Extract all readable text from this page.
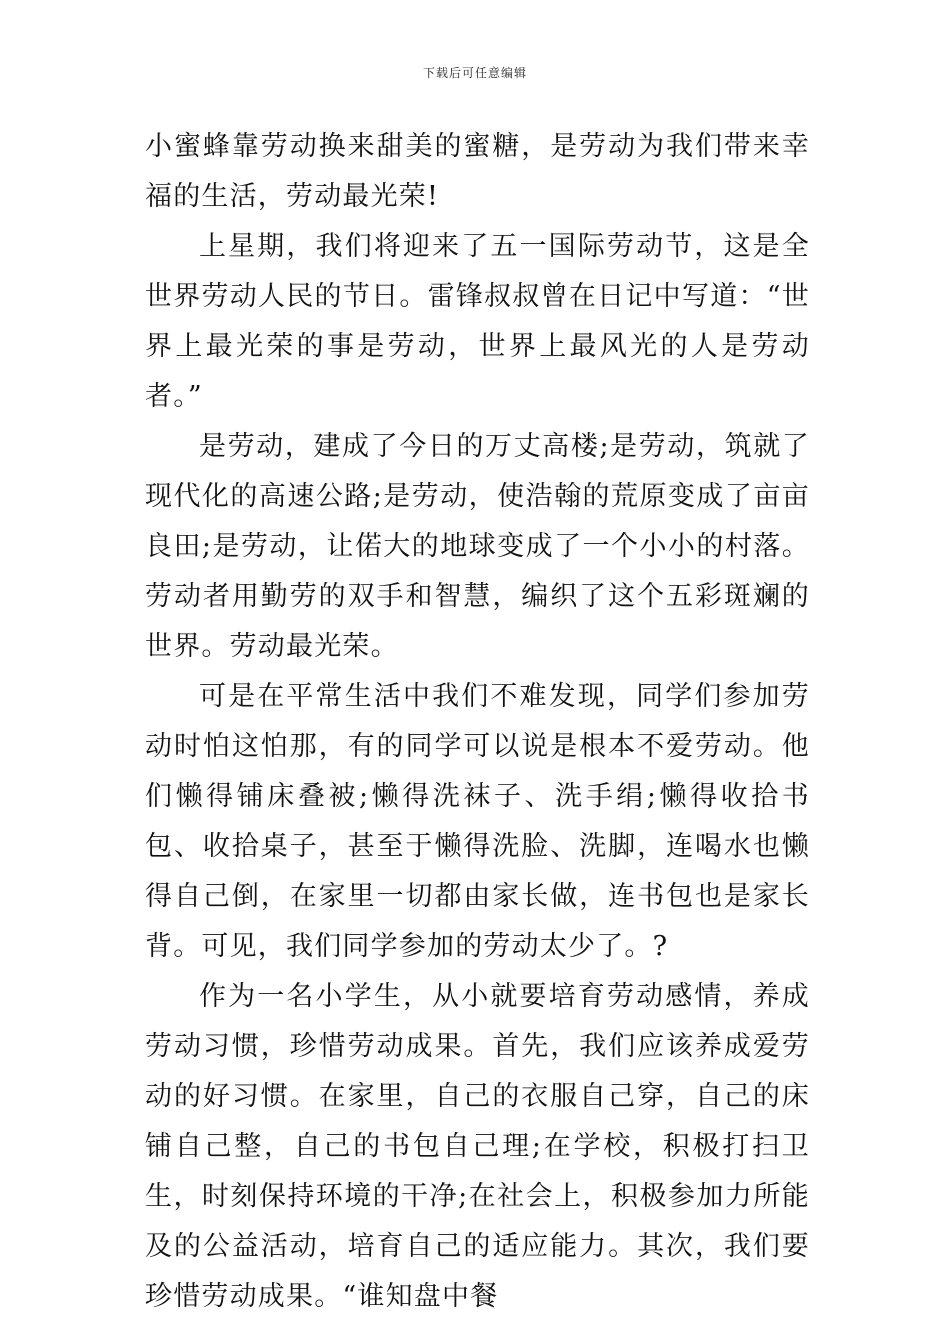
下载后可任意编辑

小蜜蜂靠劳动换来甜美的蜜糖，是劳动为我们带来幸福的生活，劳动最光荣!

上星期，我们将迎来了五一国际劳动节，这是全世界劳动人民的节日。雷锋叔叔曾在日记中写道：“世界上最光荣的事是劳动，世界上最风光的人是劳动者。”

是劳动，建成了今日的万丈高楼;是劳动，筑就了现代化的高速公路;是劳动，使浩翰的荒原变成了亩亩良田;是劳动，让偌大的地球变成了一个小小的村落。劳动者用勤劳的双手和智慧，编织了这个五彩斑斓的世界。劳动最光荣。

可是在平常生活中我们不难发现，同学们参加劳动时怕这怕那，有的同学可以说是根本不爱劳动。他们懒得铺床叠被;懒得洗袜子、洗手绢;懒得收拾书包、收拾桌子，甚至于懒得洗脸、洗脚，连喝水也懒得自己倒，在家里一切都由家长做，连书包也是家长背。可见，我们同学参加的劳动太少了。?

作为一名小学生，从小就要培育劳动感情，养成劳动习惯，珍惜劳动成果。首先，我们应该养成爱劳动的好习惯。在家里，自己的衣服自己穿，自己的床铺自己整，自己的书包自己理;在学校，积极打扫卫生，时刻保持环境的干净;在社会上，积极参加力所能及的公益活动，培育自己的适应能力。其次，我们要珍惜劳动成果。“谁知盘中餐
